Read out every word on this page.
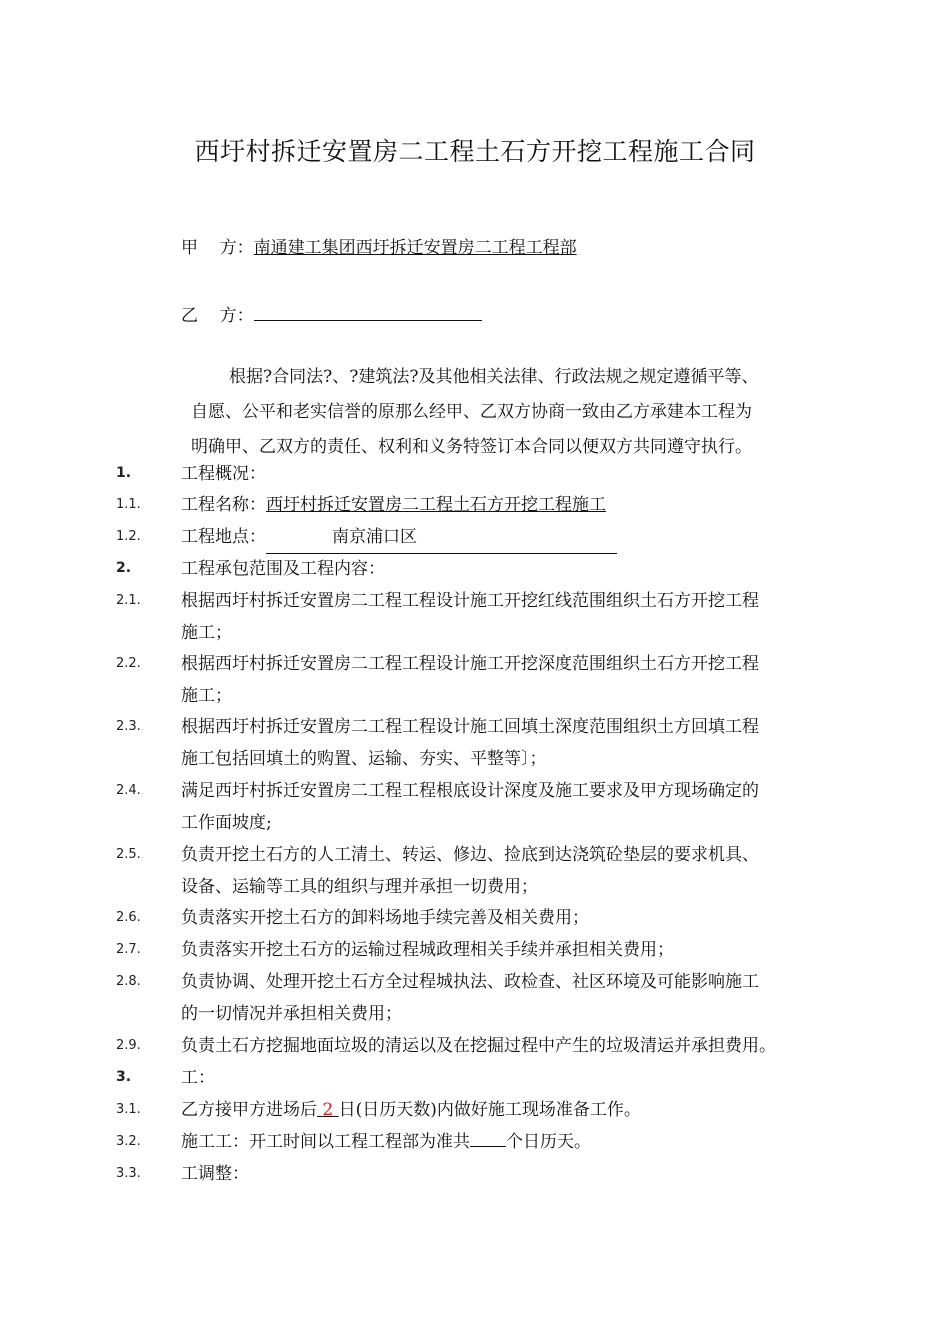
西圩村拆迁安置房二工程土石方开挖工程施工合同
甲    方：南通建工集团西圩拆迁安置房二工程工程部
乙    方：
根据?合同法?、?建筑法?及其他相关法律、行政法规之规定遵循平等、
自愿、公平和老实信誉的原那么经甲、乙双方协商一致由乙方承建本工程为
明确甲、乙双方的责任、权利和义务特签订本合同以便双方共同遵守执行。
1.	工程概况：
1.1. 工程名称：西圩村拆迁安置房二工程土石方开挖工程施工
1.2. 工程地点：	南京浦口区
2.	工程承包范围及工程内容：
2.1. 根据西圩村拆迁安置房二工程工程设计施工开挖红线范围组织土石方开挖工程
施工；
2.2. 根据西圩村拆迁安置房二工程工程设计施工开挖深度范围组织土石方开挖工程
施工；
2.3. 根据西圩村拆迁安置房二工程工程设计施工回填土深度范围组织土方回填工程
施工包括回填土的购置、运输、夯实、平整等〕；
2.4. 满足西圩村拆迁安置房二工程工程根底设计深度及施工要求及甲方现场确定的
工作面坡度;
2.5. 负责开挖土石方的人工清土、转运、修边、捡底到达浇筑砼垫层的要求机具、
设备、运输等工具的组织与理并承担一切费用；
2.6. 负责落实开挖土石方的卸料场地手续完善及相关费用；
2.7. 负责落实开挖土石方的运输过程城政理相关手续并承担相关费用；
2.8. 负责协调、处理开挖土石方全过程城执法、政检查、社区环境及可能影响施工
的一切情况并承担相关费用；
2.9. 负责土石方挖掘地面垃圾的清运以及在挖掘过程中产生的垃圾清运并承担费用。
3.	工：
3.1. 乙方接甲方进场后 2 日(日历天数)内做好施工现场准备工作。
3.2. 施工工：开工时间以工程工程部为准共 个日历天。
3.3. 工调整：
